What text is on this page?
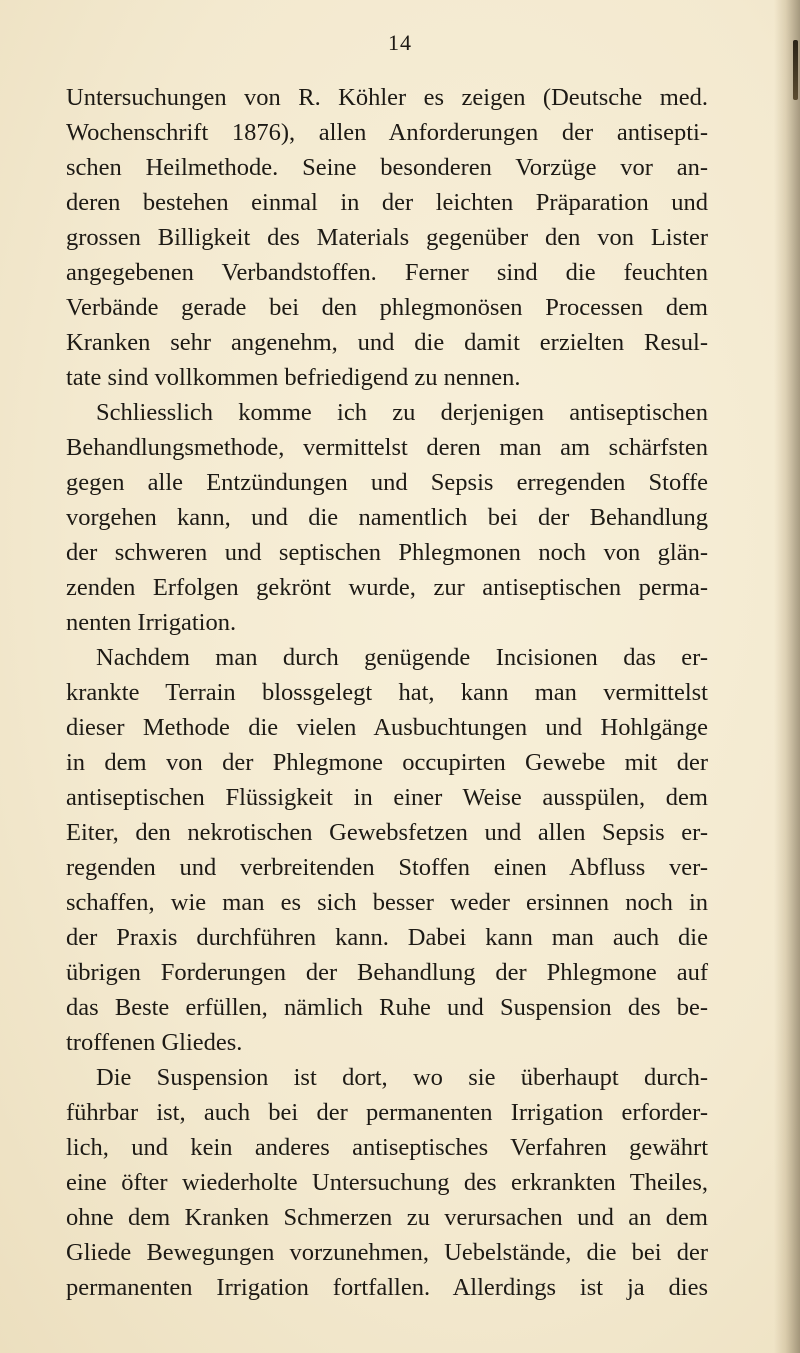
14
Untersuchungen von R. Köhler es zeigen (Deutsche med.
Wochenschrift 1876), allen Anforderungen der antisepti-
schen Heilmethode. Seine besonderen Vorzüge vor an-
deren bestehen einmal in der leichten Präparation und
grossen Billigkeit des Materials gegenüber den von Lister
angegebenen Verbandstoffen. Ferner sind die feuchten
Verbände gerade bei den phlegmonösen Processen dem
Kranken sehr angenehm, und die damit erzielten Resul-
tate sind vollkommen befriedigend zu nennen.
Schliesslich komme ich zu derjenigen antiseptischen
Behandlungsmethode, vermittelst deren man am schärfsten
gegen alle Entzündungen und Sepsis erregenden Stoffe
vorgehen kann, und die namentlich bei der Behandlung
der schweren und septischen Phlegmonen noch von glän-
zenden Erfolgen gekrönt wurde, zur antiseptischen perma-
nenten Irrigation.
Nachdem man durch genügende Incisionen das er-
krankte Terrain blossgelegt hat, kann man vermittelst
dieser Methode die vielen Ausbuchtungen und Hohlgänge
in dem von der Phlegmone occupirten Gewebe mit der
antiseptischen Flüssigkeit in einer Weise ausspülen, dem
Eiter, den nekrotischen Gewebsfetzen und allen Sepsis er-
regenden und verbreitenden Stoffen einen Abfluss ver-
schaffen, wie man es sich besser weder ersinnen noch in
der Praxis durchführen kann. Dabei kann man auch die
übrigen Forderungen der Behandlung der Phlegmone auf
das Beste erfüllen, nämlich Ruhe und Suspension des be-
troffenen Gliedes.
Die Suspension ist dort, wo sie überhaupt durch-
führbar ist, auch bei der permanenten Irrigation erforder-
lich, und kein anderes antiseptisches Verfahren gewährt
eine öfter wiederholte Untersuchung des erkrankten Theiles,
ohne dem Kranken Schmerzen zu verursachen und an dem
Gliede Bewegungen vorzunehmen, Uebelstände, die bei der
permanenten Irrigation fortfallen. Allerdings ist ja dies
